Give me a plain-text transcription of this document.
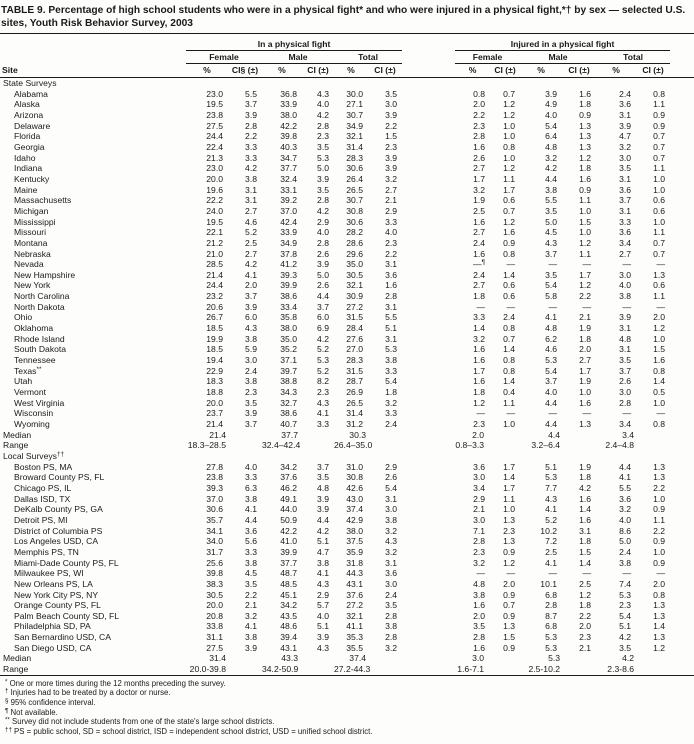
TABLE 9. Percentage of high school students who were in a physical fight* and who were injured in a physical fight,*† by sex — selected U.S. sites, Youth Risk Behavior Survey, 2003
	In a physical fight							Injured in a physical fight						
	Female		Male		Total			Female		Male		Total		
Site	%	CI§ (±)	%	CI (±)	%	CI (±)		%	CI (±)	%	CI (±)	%	CI (±)	
State Surveys														
Alabama	23.0	5.5	36.8	4.3	30.0	3.5		0.8	0.7	3.9	1.6	2.4	0.8	
Alaska	19.5	3.7	33.9	4.0	27.1	3.0		2.0	1.2	4.9	1.8	3.6	1.1	
Arizona	23.8	3.9	38.0	4.2	30.7	3.9		2.2	1.2	4.0	0.9	3.1	0.9	
Delaware	27.5	2.8	42.2	2.8	34.9	2.2		2.3	1.0	5.4	1.3	3.9	0.9	
Florida	24.4	2.2	39.8	2.3	32.1	1.5		2.8	1.0	6.4	1.3	4.7	0.7	
Georgia	22.4	3.3	40.3	3.5	31.4	2.3		1.6	0.8	4.8	1.3	3.2	0.7	
Idaho	21.3	3.3	34.7	5.3	28.3	3.9		2.6	1.0	3.2	1.2	3.0	0.7	
Indiana	23.0	4.2	37.7	5.0	30.6	3.9		2.7	1.2	4.2	1.8	3.5	1.1	
Kentucky	20.0	3.8	32.4	3.9	26.4	3.2		1.7	1.1	4.4	1.6	3.1	1.0	
Maine	19.6	3.1	33.1	3.5	26.5	2.7		3.2	1.7	3.8	0.9	3.6	1.0	
Massachusetts	22.2	3.1	39.2	2.8	30.7	2.1		1.9	0.6	5.5	1.1	3.7	0.6	
Michigan	24.0	2.7	37.0	4.2	30.8	2.9		2.5	0.7	3.5	1.0	3.1	0.6	
Mississippi	19.5	4.6	42.4	2.9	30.6	3.3		1.6	1.2	5.0	1.5	3.3	1.0	
Missouri	22.1	5.2	33.9	4.0	28.2	4.0		2.7	1.6	4.5	1.0	3.6	1.1	
Montana	21.2	2.5	34.9	2.8	28.6	2.3		2.4	0.9	4.3	1.2	3.4	0.7	
Nebraska	21.0	2.7	37.8	2.6	29.6	2.2		1.6	0.8	3.7	1.1	2.7	0.7	
Nevada	28.5	4.2	41.2	3.9	35.0	3.1		—¶	—	—	—	—	—	
New Hampshire	21.4	4.1	39.3	5.0	30.5	3.6		2.4	1.4	3.5	1.7	3.0	1.3	
New York	24.4	2.0	39.9	2.6	32.1	1.6		2.7	0.6	5.4	1.2	4.0	0.6	
North Carolina	23.2	3.7	38.6	4.4	30.9	2.8		1.8	0.6	5.8	2.2	3.8	1.1	
North Dakota	20.6	3.9	33.4	3.7	27.2	3.1		—	—	—	—	—	—	
Ohio	26.7	6.0	35.8	6.0	31.5	5.5		3.3	2.4	4.1	2.1	3.9	2.0	
Oklahoma	18.5	4.3	38.0	6.9	28.4	5.1		1.4	0.8	4.8	1.9	3.1	1.2	
Rhode Island	19.9	3.8	35.0	4.2	27.6	3.1		3.2	0.7	6.2	1.8	4.8	1.0	
South Dakota	18.5	5.9	35.2	5.2	27.0	5.3		1.6	1.4	4.6	2.0	3.1	1.5	
Tennessee	19.4	3.0	37.1	5.3	28.3	3.8		1.6	0.8	5.3	2.7	3.5	1.6	
Texas**	22.9	2.4	39.7	5.2	31.5	3.3		1.7	0.8	5.4	1.7	3.7	0.8	
Utah	18.3	3.8	38.8	8.2	28.7	5.4		1.6	1.4	3.7	1.9	2.6	1.4	
Vermont	18.8	2.3	34.3	2.3	26.9	1.8		1.8	0.4	4.0	1.0	3.0	0.5	
West Virginia	20.0	3.5	32.7	4.3	26.5	3.2		1.2	1.1	4.4	1.6	2.8	1.0	
Wisconsin	23.7	3.9	38.6	4.1	31.4	3.3		—	—	—	—	—	—	
Wyoming	21.4	3.7	40.7	3.3	31.2	2.4		2.3	1.0	4.4	1.3	3.4	0.8	
Median	21.4		37.7		30.3			2.0		4.4		3.4		
Range	18.3–28.5		32.4–42.4		26.4–35.0			0.8–3.3		3.2–6.4		2.4–4.8		
Local Surveys††
Boston PS, MA	27.8	4.0	34.2	3.7	31.0	2.9		3.6	1.7	5.1	1.9	4.4	1.3	
Broward County PS, FL	23.8	3.3	37.6	3.5	30.8	2.6		3.0	1.4	5.3	1.8	4.1	1.3	
Chicago PS, IL	39.3	6.3	46.2	4.8	42.6	5.4		3.4	1.7	7.7	4.2	5.5	2.2	
Dallas ISD, TX	37.0	3.8	49.1	3.9	43.0	3.1		2.9	1.1	4.3	1.6	3.6	1.0	
DeKalb County PS, GA	30.6	4.1	44.0	3.9	37.4	3.0		2.1	1.0	4.1	1.4	3.2	0.9	
Detroit PS, MI	35.7	4.4	50.9	4.4	42.9	3.8		3.0	1.3	5.2	1.6	4.0	1.1	
District of Columbia PS	34.1	3.6	42.2	4.2	38.0	3.2		7.1	2.3	10.2	3.1	8.6	2.2	
Los Angeles USD, CA	34.0	5.6	41.0	5.1	37.5	4.3		2.8	1.3	7.2	1.8	5.0	0.9	
Memphis PS, TN	31.7	3.3	39.9	4.7	35.9	3.2		2.3	0.9	2.5	1.5	2.4	1.0	
Miami-Dade County PS, FL	25.6	3.8	37.7	3.8	31.8	3.1		3.2	1.2	4.1	1.4	3.8	0.9	
Milwaukee PS, WI	39.8	4.5	48.7	4.1	44.3	3.6		—	—	—	—	—	—	
New Orleans PS, LA	38.3	3.5	48.5	4.3	43.1	3.0		4.8	2.0	10.1	2.5	7.4	2.0	
New York City PS, NY	30.5	2.2	45.1	2.9	37.6	2.4		3.8	0.9	6.8	1.2	5.3	0.8	
Orange County PS, FL	20.0	2.1	34.2	5.7	27.2	3.5		1.6	0.7	2.8	1.8	2.3	1.3	
Palm Beach County SD, FL	20.8	3.2	43.5	4.0	32.1	2.8		2.0	0.9	8.7	2.2	5.4	1.3	
Philadelphia SD, PA	33.8	4.1	48.6	5.1	41.1	3.8		3.5	1.3	6.8	2.0	5.1	1.4	
San Bernardino USD, CA	31.1	3.8	39.4	3.9	35.3	2.8		2.8	1.5	5.3	2.3	4.2	1.3	
San Diego USD, CA	27.5	3.9	43.1	4.3	35.5	3.2		1.6	0.9	5.3	2.1	3.5	1.2	
Median	31.4		43.3		37.4			3.0		5.3		4.2		
Range	20.0-39.8		34.2-50.9		27.2-44.3			1.6-7.1		2.5-10.2		2.3-8.6		
* One or more times during the 12 months preceding the survey.
† Injuries had to be treated by a doctor or nurse.
§ 95% confidence interval.
¶ Not available.
** Survey did not include students from one of the state's large school districts.
†† PS = public school, SD = school district, ISD = independent school district, USD = unified school district.
